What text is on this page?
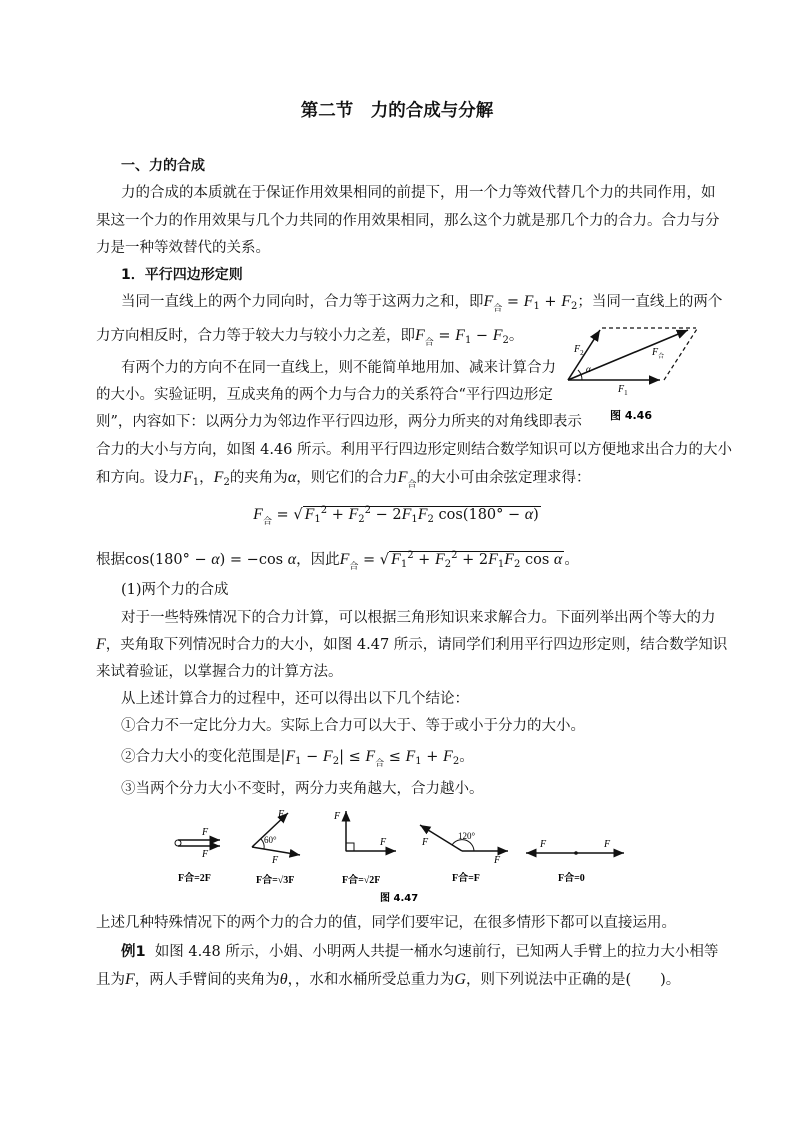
第二节　力的合成与分解
一、力的合成
力的合成的本质就在于保证作用效果相同的前提下，用一个力等效代替几个力的共同作用，如
果这一个力的作用效果与几个力共同的作用效果相同，那么这个力就是那几个力的合力。合力与分
力是一种等效替代的关系。
1．平行四边形定则
当同一直线上的两个力同向时，合力等于这两力之和，即$F_合 = F_1 + F_2$；当同一直线上的两个
力方向相反时，合力等于较大力与较小力之差，即$F_合 = F_1 - F_2$。
有两个力的方向不在同一直线上，则不能简单地用加、减来计算合力
的大小。实验证明，互成夹角的两个力与合力的关系符合“平行四边形定
则”，内容如下：以两分力为邻边作平行四边形，两分力所夹的对角线即表示
合力的大小与方向，如图 4.46 所示。利用平行四边形定则结合数学知识可以方便地求出合力的大小
和方向。设力$F_1$，$F_2$的夹角为α，则它们的合力$F_合$的大小可由余弦定理求得：
$F_合$ = √ $F_1^2 + F_2^2 - 2F_1F_2$ cos(180° − α)
根据cos(180° − α) = −cos α，因此$F_合$ = √ $F_1^2 + F_2^2 + 2F_1F_2$ cos α 。
(1)两个力的合成
对于一些特殊情况下的合力计算，可以根据三角形知识来求解合力。下面列举出两个等大的力
F，夹角取下列情况时合力的大小，如图 4.47 所示，请同学们利用平行四边形定则，结合数学知识
来试着验证，以掌握合力的计算方法。
从上述计算合力的过程中，还可以得出以下几个结论：
①合力不一定比分力大。实际上合力可以大于、等于或小于分力的大小。
②合力大小的变化范围是$|F_1 - F_2| \le F_合 \le F_1 + F_2$。
③当两个分力大小不变时，两分力夹角越大，合力越小。
α
$F_2$	$F_合$
$F_1$
图 4.46
F
F
F合=2F
60°
F
F
F合=√3F
F
F
F合=√2F
120°
F
F
F合=F
F	F
F合=0
图 4.47
上述几种特殊情况下的两个力的合力的值，同学们要牢记，在很多情形下都可以直接运用。
例1 如图 4.48 所示，小娟、小明两人共提一桶水匀速前行，已知两人手臂上的拉力大小相等
且为F，两人手臂间的夹角为θ，，水和水桶所受总重力为G，则下列说法中正确的是(　　)。
